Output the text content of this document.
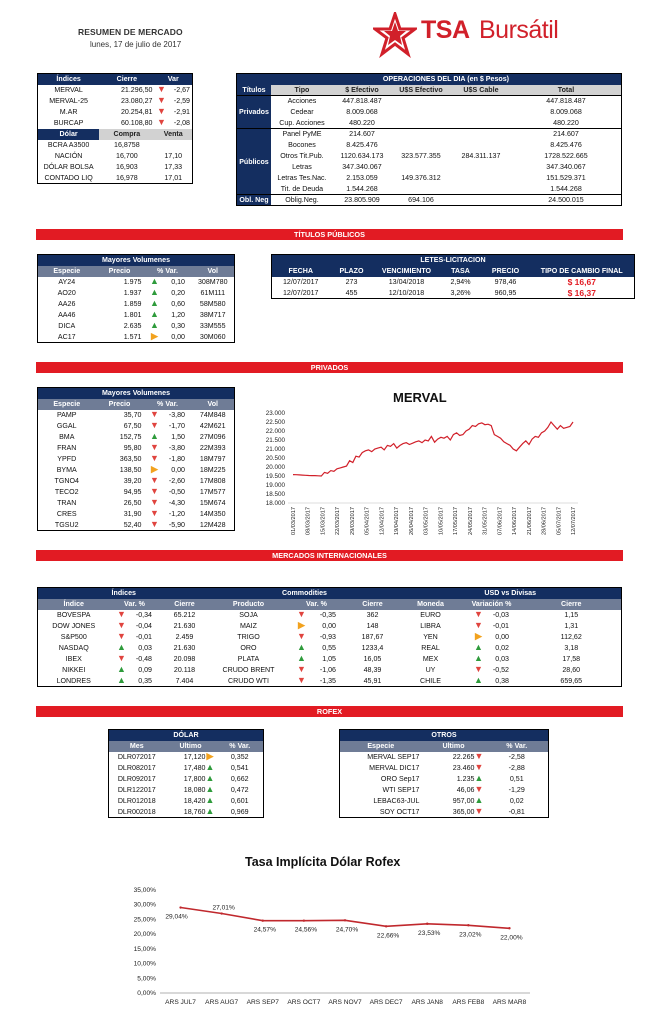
RESUMEN DE MERCADO
lunes, 17 de julio de 2017
TSA Bursátil
Índices	Cierre	Var
MERVAL	21.296,50	▼ -2,67
MERVAL-25	23.080,27	▼ -2,59
M.AR	20.254,81	▼ -2,91
BURCAP	60.108,80	▼ -2,08
Dólar	Compra	Venta
BCRA A3500	16,8758	
NACIÓN	16,700	17,10
DÓLAR BOLSA	16,903	17,33
CONTADO LIQ	16,978	17,01
	OPERACIONES DEL DIA (en $ Pesos)				
Títulos	Tipo	$ Efectivo	U$S Efectivo	U$S Cable	Total
Privados	Acciones	447.818.487			447.818.487
	Cedear	8.009.068			8.009.068
	Cup. Acciones	480.220			480.220
Públicos	Panel PyME	214.607			214.607
	Bocones	8.425.476			8.425.476
	Otros Tit.Pub.	1120.634.173	323.577.355	284.311.137	1728.522.665
	Letras	347.340.067			347.340.067
	Letras Tes.Nac.	2.153.059	149.376.312		151.529.371
	Tit. de Deuda	1.544.268			1.544.268
Obl. Neg	Oblig.Neg.	23.805.909	694.106		24.500.015
TÍTULOS PÚBLICOS
Mayores Volumenes			
Especie	Precio	% Var.	Vol
AY24	1.975	▲ 0,10	308M780
AO20	1.937	▲ 0,20	61M111
AA26	1.859	▲ 0,60	58M580
AA46	1.801	▲ 1,20	38M717
DICA	2.635	▲ 0,30	33M555
AC17	1.571	▶ 0,00	30M060
LETES-LICITACION					
FECHA	PLAZO	VENCIMIENTO	TASA	PRECIO	TIPO DE CAMBIO FINAL
12/07/2017	273	13/04/2018	2,94%	978,46	$ 16,67
12/07/2017	455	12/10/2018	3,26%	960,95	$ 16,37
PRIVADOS
Mayores Volumenes			
Especie	Precio	% Var.	Vol
PAMP	35,70	▼ -3,80	74M848
GGAL	67,50	▼ -1,70	42M621
BMA	152,75	▲ 1,50	27M096
FRAN	95,80	▼ -3,80	22M393
YPFD	363,50	▼ -1,80	18M797
BYMA	138,50	▶ 0,00	18M225
TGNO4	39,20	▼ -2,60	17M808
TECO2	94,95	▼ -0,50	17M577
TRAN	26,50	▼ -4,30	15M674
CRES	31,90	▼ -1,20	14M350
TGSU2	52,40	▼ -5,90	12M428
MERVAL
18.000
18.500
19.000
19.500
20.000
20.500
21.000
21.500
22.000
22.500
23.000
01/03/2017 08/03/2017 15/03/2017 22/03/2017 29/03/2017 05/04/2017 12/04/2017 19/04/2017 26/04/2017 03/05/2017 10/05/2017 17/05/2017 24/05/2017 31/05/2017 07/06/2017 14/06/2017 21/06/2017 28/06/2017 05/07/2017 12/07/2017
MERCADOS INTERNACIONALES
Índices			Commodities			USD vs Divisas		
Índice	Var. %	Cierre	Producto	Var. %	Cierre	Moneda	Variación %	Cierre
BOVESPA	▼ -0,34	65.212	SOJA	▼ -0,35	362	EURO	▼ -0,03	1,15
DOW JONES	▼ -0,04	21.630	MAIZ	▶ 0,00	148	LIBRA	▼ -0,01	1,31
S&P500	▼ -0,01	2.459	TRIGO	▼ -0,93	187,67	YEN	▶ 0,00	112,62
NASDAQ	▲ 0,03	21.630	ORO	▲ 0,55	1233,4	REAL	▲ 0,02	3,18
IBEX	▼ -0,48	20.098	PLATA	▲ 1,05	16,05	MEX	▲ 0,03	17,58
NIKKEI	▲ 0,09	20.118	CRUDO BRENT	▼ -1,06	48,39	UY	▼ -0,52	28,60
LONDRES	▲ 0,35	7.404	CRUDO WTI	▼ -1,35	45,91	CHILE	▲ 0,38	659,65
ROFEX
DÓLAR		
Mes	Ultimo	% Var.
DLR072017	17,120▶	0,352
DLR082017	17,480▲	0,541
DLR092017	17,800▲	0,662
DLR122017	18,080▲	0,472
DLR012018	18,420▲	0,601
DLR002018	18,760▲	0,969
OTROS		
Especie	Ultimo	% Var.
MERVAL SEP17	22.265▼	-2,58
MERVAL DIC17	23.460▼	-2,88
ORO Sep17	1.235▲	0,51
WTI SEP17	46,06▼	-1,29
LEBAC63-JUL	957,00▲	0,02
SOY OCT17	365,00▼	-0,81
Tasa Implícita Dólar Rofex
0,00%
5,00%
10,00%
15,00%
20,00%
25,00%
30,00%
35,00%
ARS JUL7 ARS AUG7 ARS SEP7 ARS OCT7 ARS NOV7 ARS DEC7 ARS JAN8 ARS FEB8 ARS MAR8
29,04%
27,01%
24,57%	24,56%	24,70%
22,66%	23,53%	23,02%	22,00%
